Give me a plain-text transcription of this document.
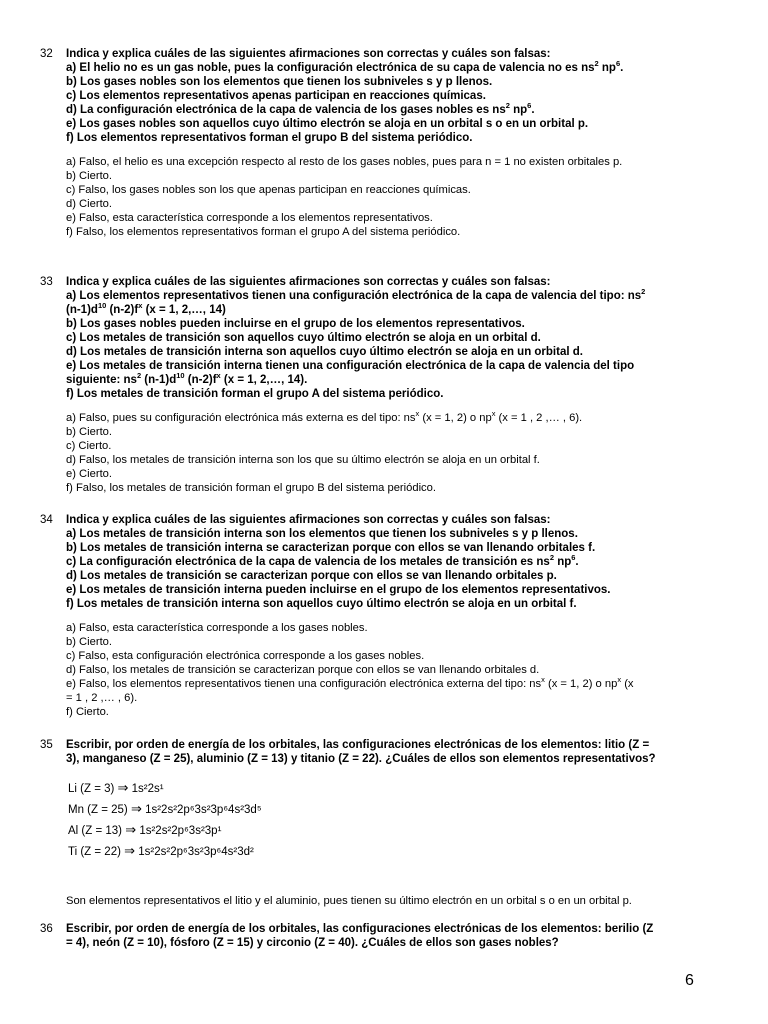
32 Indica y explica cuáles de las siguientes afirmaciones son correctas y cuáles son falsas:
a) El helio no es un gas noble, pues la configuración electrónica de su capa de valencia no es $ns^2$ $np^6$.
b) Los gases nobles son los elementos que tienen los subniveles s y p llenos.
c) Los elementos representativos apenas participan en reacciones químicas.
d) La configuración electrónica de la capa de valencia de los gases nobles es $ns^2$ $np^6$.
e) Los gases nobles son aquellos cuyo último electrón se aloja en un orbital s o en un orbital p.
f) Los elementos representativos forman el grupo B del sistema periódico.
a) Falso, el helio es una excepción respecto al resto de los gases nobles, pues para n = 1 no existen orbitales p.
b) Cierto.
c) Falso, los gases nobles son los que apenas participan en reacciones químicas.
d) Cierto.
e) Falso, esta característica corresponde a los elementos representativos.
f) Falso, los elementos representativos forman el grupo A del sistema periódico.
33 Indica y explica cuáles de las siguientes afirmaciones son correctas y cuáles son falsas:
a) Los elementos representativos tienen una configuración electrónica de la capa de valencia del tipo: $ns^2$
$(n-1)d^{10}$ $(n-2)f^x$ (x = 1, 2,…, 14)
b) Los gases nobles pueden incluirse en el grupo de los elementos representativos.
c) Los metales de transición son aquellos cuyo último electrón se aloja en un orbital d.
d) Los metales de transición interna son aquellos cuyo último electrón se aloja en un orbital d.
e) Los metales de transición interna tienen una configuración electrónica de la capa de valencia del tipo
siguiente: $ns^2$ $(n-1)d^{10}$ $(n-2)f^x$ (x = 1, 2,…, 14).
f) Los metales de transición forman el grupo A del sistema periódico.
a) Falso, pues su configuración electrónica más externa es del tipo: $ns^x$ (x = 1, 2) o $np^x$ (x = 1 , 2 ,… , 6).
b) Cierto.
c) Cierto.
d) Falso, los metales de transición interna son los que su último electrón se aloja en un orbital f.
e) Cierto.
f) Falso, los metales de transición forman el grupo B del sistema periódico.
34 Indica y explica cuáles de las siguientes afirmaciones son correctas y cuáles son falsas:
a) Los metales de transición interna son los elementos que tienen los subniveles s y p llenos.
b) Los metales de transición interna se caracterizan porque con ellos se van llenando orbitales f.
c) La configuración electrónica de la capa de valencia de los metales de transición es $ns^2$ $np^6$.
d) Los metales de transición se caracterizan porque con ellos se van llenando orbitales p.
e) Los metales de transición interna pueden incluirse en el grupo de los elementos representativos.
f) Los metales de transición interna son aquellos cuyo último electrón se aloja en un orbital f.
a) Falso, esta característica corresponde a los gases nobles.
b) Cierto.
c) Falso, esta configuración electrónica corresponde a los gases nobles.
d) Falso, los metales de transición se caracterizan porque con ellos se van llenando orbitales d.
e) Falso, los elementos representativos tienen una configuración electrónica externa del tipo: $ns^x$ (x = 1, 2) o $np^x$ (x
= 1 , 2 ,… , 6).
f) Cierto.
35 Escribir, por orden de energía de los orbitales, las configuraciones electrónicas de los elementos: litio (Z =
3), manganeso (Z = 25), aluminio (Z = 13) y titanio (Z = 22). ¿Cuáles de ellos son elementos representativos?
Li (Z = 3) ⇒ 1s²2s¹
Mn (Z = 25) ⇒ 1s²2s²2p⁶3s²3p⁶4s²3d⁵
Al (Z = 13) ⇒ 1s²2s²2p⁶3s²3p¹
Ti (Z = 22) ⇒ 1s²2s²2p⁶3s²3p⁶4s²3d²
Son elementos representativos el litio y el aluminio, pues tienen su último electrón en un orbital s o en un orbital p.
36 Escribir, por orden de energía de los orbitales, las configuraciones electrónicas de los elementos: berilio (Z
= 4), neón (Z = 10), fósforo (Z = 15) y circonio (Z = 40). ¿Cuáles de ellos son gases nobles?
6
